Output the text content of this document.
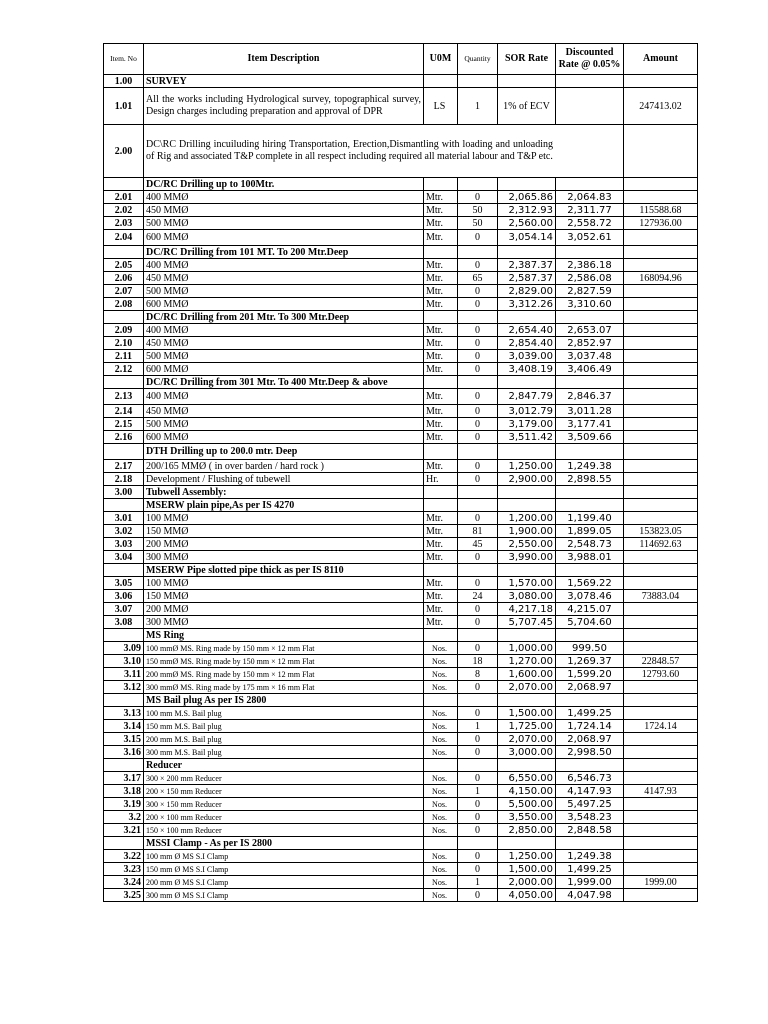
Item. No	Item Description	U0M	Quantity	SOR Rate	Discounted Rate @ 0.05%	Amount
1.00	SURVEY					
1.01	All the works including Hydrological survey, topographical survey, Design charges including preparation and approval of DPR	LS	1	1% of ECV		247413.02
2.00	DC\RC Drilling incuiluding hiring Transportation, Erection,Dismantling with loading and unloading of Rig and associated T&P complete in all respect including required all material labour and T&P etc.					
	DC/RC Drilling up to 100Mtr.					
2.01	400 MMØ	Mtr.	0	2,065.86	2,064.83	
2.02	450 MMØ	Mtr.	50	2,312.93	2,311.77	115588.68
2.03	500 MMØ	Mtr.	50	2,560.00	2,558.72	127936.00
2.04	600 MMØ	Mtr.	0	3,054.14	3,052.61	
	DC/RC Drilling from 101 MT. To 200 Mtr.Deep					
2.05	400 MMØ	Mtr.	0	2,387.37	2,386.18	
2.06	450 MMØ	Mtr.	65	2,587.37	2,586.08	168094.96
2.07	500 MMØ	Mtr.	0	2,829.00	2,827.59	
2.08	600 MMØ	Mtr.	0	3,312.26	3,310.60	
	DC/RC Drilling from 201 Mtr. To 300 Mtr.Deep					
2.09	400 MMØ	Mtr.	0	2,654.40	2,653.07	
2.10	450 MMØ	Mtr.	0	2,854.40	2,852.97	
2.11	500 MMØ	Mtr.	0	3,039.00	3,037.48	
2.12	600 MMØ	Mtr.	0	3,408.19	3,406.49	
	DC/RC Drilling from 301 Mtr. To 400 Mtr.Deep & above					
2.13	400 MMØ	Mtr.	0	2,847.79	2,846.37	
2.14	450 MMØ	Mtr.	0	3,012.79	3,011.28	
2.15	500 MMØ	Mtr.	0	3,179.00	3,177.41	
2.16	600 MMØ	Mtr.	0	3,511.42	3,509.66	
	DTH Drilling up to 200.0 mtr. Deep					
2.17	200/165 MMØ ( in over barden / hard rock )	Mtr.	0	1,250.00	1,249.38	
2.18	Development / Flushing of tubewell	Hr.	0	2,900.00	2,898.55	
3.00	Tubwell Assembly:					
	MSERW plain pipe,As per IS 4270					
3.01	100 MMØ	Mtr.	0	1,200.00	1,199.40	
3.02	150 MMØ	Mtr.	81	1,900.00	1,899.05	153823.05
3.03	200 MMØ	Mtr.	45	2,550.00	2,548.73	114692.63
3.04	300 MMØ	Mtr.	0	3,990.00	3,988.01	
	MSERW Pipe slotted pipe thick as per IS 8110					
3.05	100 MMØ	Mtr.	0	1,570.00	1,569.22	
3.06	150 MMØ	Mtr.	24	3,080.00	3,078.46	73883.04
3.07	200 MMØ	Mtr.	0	4,217.18	4,215.07	
3.08	300 MMØ	Mtr.	0	5,707.45	5,704.60	
	MS Ring					
3.09	100 mmØ MS. Ring made by 150 mm × 12 mm Flat	Nos.	0	1,000.00	999.50	
3.10	150 mmØ MS. Ring made by 150 mm × 12 mm Flat	Nos.	18	1,270.00	1,269.37	22848.57
3.11	200 mmØ MS. Ring made by 150 mm × 12 mm Flat	Nos.	8	1,600.00	1,599.20	12793.60
3.12	300 mmØ MS. Ring made by 175 mm × 16 mm Flat	Nos.	0	2,070.00	2,068.97	
	MS Bail plug As per IS 2800					
3.13	100 mm M.S. Bail plug	Nos.	0	1,500.00	1,499.25	
3.14	150 mm M.S. Bail plug	Nos.	1	1,725.00	1,724.14	1724.14
3.15	200 mm M.S. Bail plug	Nos.	0	2,070.00	2,068.97	
3.16	300 mm M.S. Bail plug	Nos.	0	3,000.00	2,998.50	
	Reducer					
3.17	300 × 200 mm Reducer	Nos.	0	6,550.00	6,546.73	
3.18	200 × 150 mm Reducer	Nos.	1	4,150.00	4,147.93	4147.93
3.19	300 × 150 mm Reducer	Nos.	0	5,500.00	5,497.25	
3.2	200 × 100 mm Reducer	Nos.	0	3,550.00	3,548.23	
3.21	150 × 100 mm Reducer	Nos.	0	2,850.00	2,848.58	
	MSSI Clamp - As per IS 2800					
3.22	100 mm Ø MS S.I Clamp	Nos.	0	1,250.00	1,249.38	
3.23	150 mm Ø MS S.I Clamp	Nos.	0	1,500.00	1,499.25	
3.24	200 mm Ø MS S.I Clamp	Nos.	1	2,000.00	1,999.00	1999.00
3.25	300 mm Ø MS S.I Clamp	Nos.	0	4,050.00	4,047.98	
